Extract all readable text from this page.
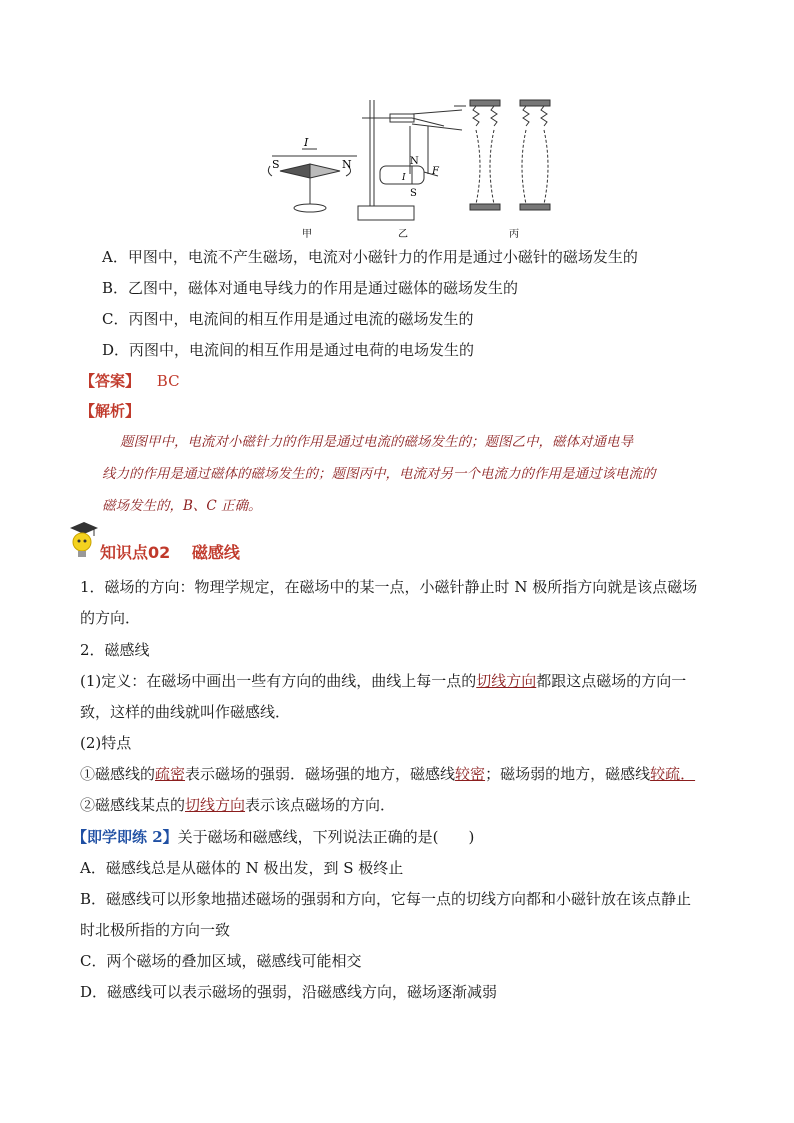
I
S	N	N
S
F
I
甲	乙	丙
A．甲图中，电流不产生磁场，电流对小磁针力的作用是通过小磁针的磁场发生的
B．乙图中，磁体对通电导线力的作用是通过磁体的磁场发生的
C．丙图中，电流间的相互作用是通过电流的磁场发生的
D．丙图中，电流间的相互作用是通过电荷的电场发生的
【答案】 BC
【解析】
题图甲中，电流对小磁针力的作用是通过电流的磁场发生的；题图乙中，磁体对通电导
线力的作用是通过磁体的磁场发生的；题图丙中，电流对另一个电流力的作用是通过该电流的
磁场发生的，B、C 正确。
知识点02　 磁感线
1．磁场的方向：物理学规定，在磁场中的某一点，小磁针静止时 N 极所指方向就是该点磁场
的方向．
2．磁感线
(1)定义：在磁场中画出一些有方向的曲线，曲线上每一点的切线方向都跟这点磁场的方向一
致，这样的曲线就叫作磁感线．
(2)特点
①磁感线的疏密表示磁场的强弱．磁场强的地方，磁感线较密；磁场弱的地方，磁感线较疏．
②磁感线某点的切线方向表示该点磁场的方向．
【即学即练 2】关于磁场和磁感线，下列说法正确的是(　　)
A．磁感线总是从磁体的 N 极出发，到 S 极终止
B．磁感线可以形象地描述磁场的强弱和方向，它每一点的切线方向都和小磁针放在该点静止
时北极所指的方向一致
C．两个磁场的叠加区域，磁感线可能相交
D．磁感线可以表示磁场的强弱，沿磁感线方向，磁场逐渐减弱
